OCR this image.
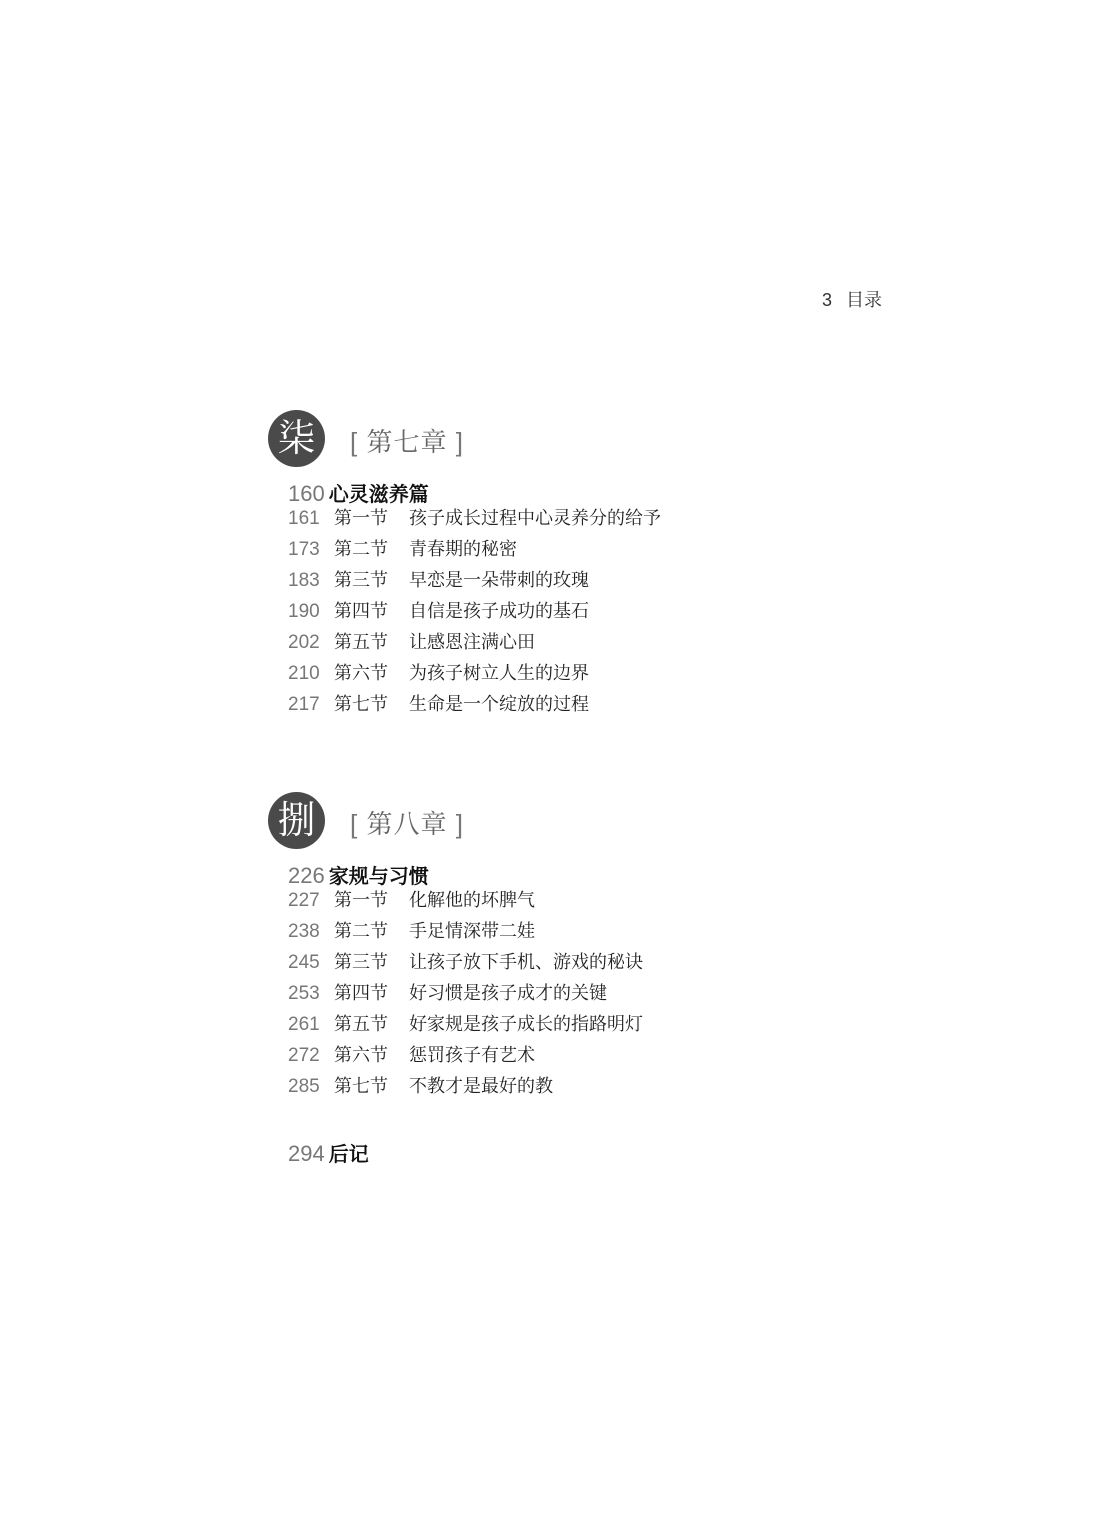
3 目录
柒	[ 第七章 ]
160 心灵滋养篇
161 第一节 孩子成长过程中心灵养分的给予
173 第二节 青春期的秘密
183 第三节 早恋是一朵带刺的玫瑰
190 第四节 自信是孩子成功的基石
202 第五节 让感恩注满心田
210 第六节 为孩子树立人生的边界
217 第七节 生命是一个绽放的过程
捌	[ 第八章 ]
226 家规与习惯
227 第一节 化解他的坏脾气
238 第二节 手足情深带二娃
245 第三节 让孩子放下手机、游戏的秘诀
253 第四节 好习惯是孩子成才的关键
261 第五节 好家规是孩子成长的指路明灯
272 第六节 惩罚孩子有艺术
285 第七节 不教才是最好的教
294 后记
